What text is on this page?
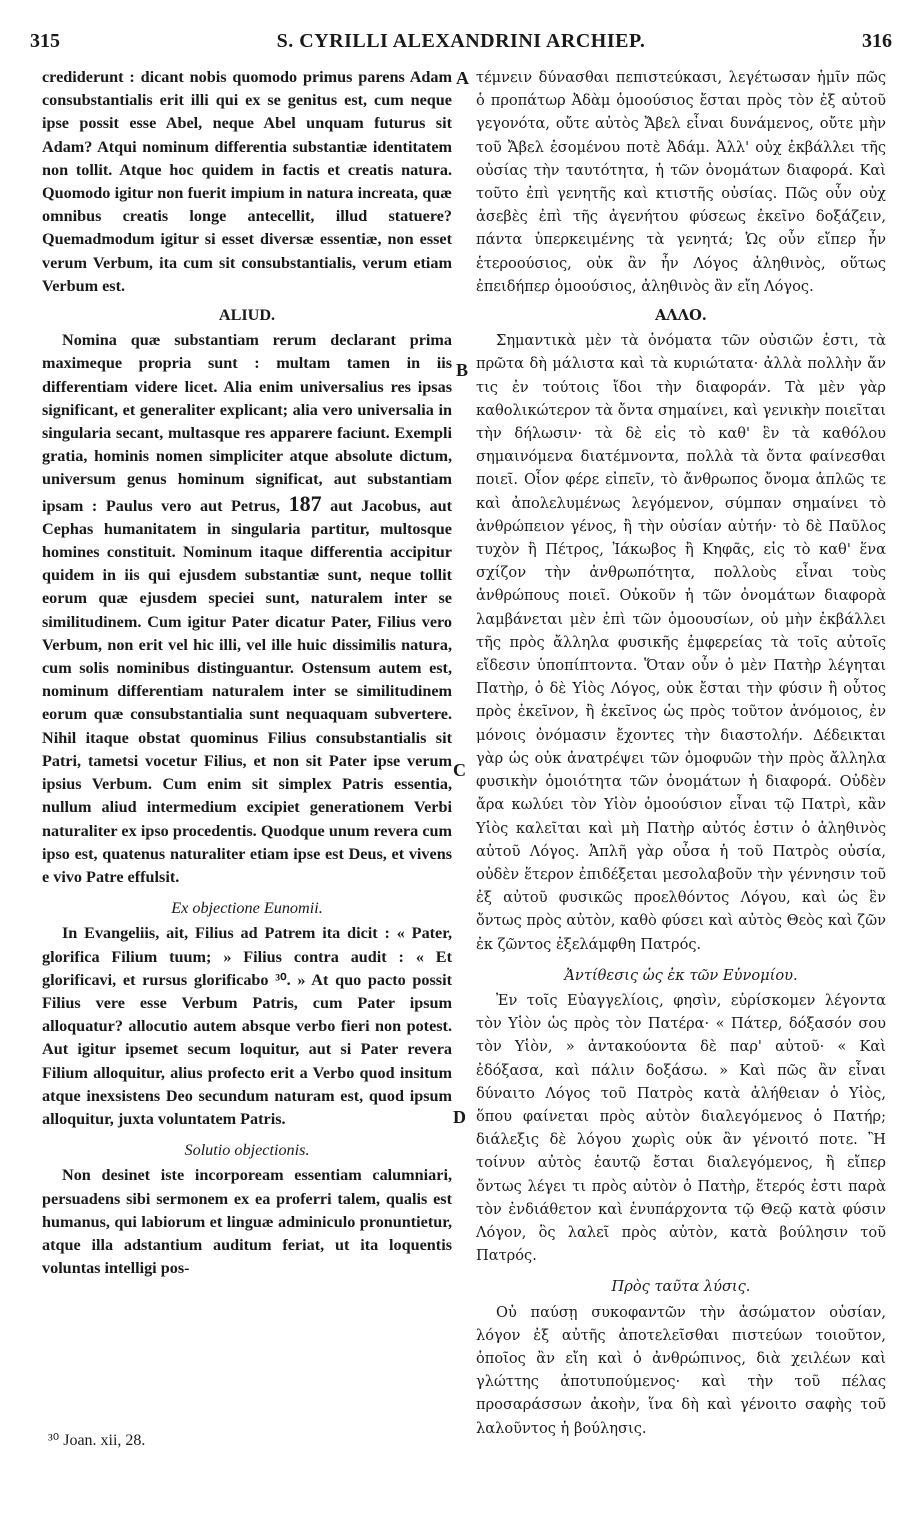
315	S. CYRILLI ALEXANDRINI ARCHIEP.	316
A
B
C
D

crediderunt : dicant nobis quomodo primus parens Adam consubstantialis erit illi qui ex se genitus est, cum neque ipse possit esse Abel, neque Abel unquam futurus sit Adam? Atqui nominum differentia substantiæ identitatem non tollit. Atque hoc quidem in factis et creatis natura. Quomodo igitur non fuerit impium in natura increata, quæ omnibus creatis longe antecellit, illud statuere? Quemadmodum igitur si esset diversæ essentiæ, non esset verum Verbum, ita cum sit consubstantialis, verum etiam Verbum est.

ALIUD.

Nomina quæ substantiam rerum declarant prima maximeque propria sunt : multam tamen in iis differentiam videre licet. Alia enim universalius res ipsas significant, et generaliter explicant; alia vero universalia in singularia secant, multasque res apparere faciunt. Exempli gratia, hominis nomen simpliciter atque absolute dictum, universum genus hominum significat, aut substantiam ipsam : Paulus vero aut Petrus, 187 aut Jacobus, aut Cephas humanitatem in singularia partitur, multosque homines constituit. Nominum itaque differentia accipitur quidem in iis qui ejusdem substantiæ sunt, neque tollit eorum quæ ejusdem speciei sunt, naturalem inter se similitudinem. Cum igitur Pater dicatur Pater, Filius vero Verbum, non erit vel hic illi, vel ille huic dissimilis natura, cum solis nominibus distinguantur. Ostensum autem est, nominum differentiam naturalem inter se similitudinem eorum quæ consubstantialia sunt nequaquam subvertere. Nihil itaque obstat quominus Filius consubstantialis sit Patri, tametsi vocetur Filius, et non sit Pater ipse verum ipsius Verbum. Cum enim sit simplex Patris essentia, nullum aliud intermedium excipiet generationem Verbi naturaliter ex ipso procedentis. Quodque unum revera cum ipso est, quatenus naturaliter etiam ipse est Deus, et vivens e vivo Patre effulsit.

Ex objectione Eunomii.

In Evangeliis, ait, Filius ad Patrem ita dicit : « Pater, glorifica Filium tuum; » Filius contra audit : « Et glorificavi, et rursus glorificabo ³⁰. » At quo pacto possit Filius vere esse Verbum Patris, cum Pater ipsum alloquatur? allocutio autem absque verbo fieri non potest. Aut igitur ipsemet secum loquitur, aut si Pater revera Filium alloquitur, alius profecto erit a Verbo quod insitum atque inexsistens Deo secundum naturam est, quod ipsum alloquitur, juxta voluntatem Patris.

Solutio objectionis.

Non desinet iste incorpoream essentiam calumniari, persuadens sibi sermonem ex ea proferri talem, qualis est humanus, qui labiorum et linguæ adminiculo pronuntietur, atque illa adstantium auditum feriat, ut ita loquentis voluntas intelligi pos-

τέμνειν δύνασθαι πεπιστεύκασι, λεγέτωσαν ἡμῖν πῶς ὁ προπάτωρ Ἀδὰμ ὁμοούσιος ἔσται πρὸς τὸν ἐξ αὐτοῦ γεγονότα, οὔτε αὐτὸς Ἄβελ εἶναι δυνάμενος, οὔτε μὴν τοῦ Ἄβελ ἐσομένου ποτὲ Ἀδάμ. Ἀλλ' οὐχ ἐκβάλλει τῆς οὐσίας τὴν ταυτότητα, ἡ τῶν ὀνομάτων διαφορά. Καὶ τοῦτο ἐπὶ γενητῆς καὶ κτιστῆς οὐσίας. Πῶς οὖν οὐχ ἀσεβὲς ἐπὶ τῆς ἀγενήτου φύσεως ἐκεῖνο δοξάζειν, πάντα ὑπερκειμένης τὰ γενητά; Ὡς οὖν εἴπερ ἦν ἑτεροούσιος, οὐκ ἂν ἦν Λόγος ἀληθινὸς, οὕτως ἐπειδήπερ ὁμοούσιος, ἀληθινὸς ἂν εἴη Λόγος.

ΑΛΛΟ.

Σημαντικὰ μὲν τὰ ὀνόματα τῶν οὐσιῶν ἐστι, τὰ πρῶτα δὴ μάλιστα καὶ τὰ κυριώτατα· ἀλλὰ πολλὴν ἄν τις ἐν τούτοις ἴδοι τὴν διαφοράν. Τὰ μὲν γὰρ καθολικώτερον τὰ ὄντα σημαίνει, καὶ γενικὴν ποιεῖται τὴν δήλωσιν· τὰ δὲ εἰς τὸ καθ' ἓν τὰ καθόλου σημαινόμενα διατέμνοντα, πολλὰ τὰ ὄντα φαίνεσθαι ποιεῖ. Οἷον φέρε εἰπεῖν, τὸ ἄνθρωπος ὄνομα ἁπλῶς τε καὶ ἀπολελυμένως λεγόμενον, σύμπαν σημαίνει τὸ ἀνθρώπειον γένος, ἢ τὴν οὐσίαν αὐτήν· τὸ δὲ Παῦλος τυχὸν ἢ Πέτρος, Ἰάκωβος ἢ Κηφᾶς, εἰς τὸ καθ' ἕνα σχίζον τὴν ἀνθρωπότητα, πολλοὺς εἶναι τοὺς ἀνθρώπους ποιεῖ. Οὐκοῦν ἡ τῶν ὀνομάτων διαφορὰ λαμβάνεται μὲν ἐπὶ τῶν ὁμοουσίων, οὐ μὴν ἐκβάλλει τῆς πρὸς ἄλληλα φυσικῆς ἐμφερείας τὰ τοῖς αὐτοῖς εἴδεσιν ὑποπίπτοντα. Ὅταν οὖν ὁ μὲν Πατὴρ λέγηται Πατὴρ, ὁ δὲ Υἱὸς Λόγος, οὐκ ἔσται τὴν φύσιν ἢ οὗτος πρὸς ἐκεῖνον, ἢ ἐκεῖνος ὡς πρὸς τοῦτον ἀνόμοιος, ἐν μόνοις ὀνόμασιν ἔχοντες τὴν διαστολήν. Δέδεικται γὰρ ὡς οὐκ ἀνατρέψει τῶν ὁμοφυῶν τὴν πρὸς ἄλληλα φυσικὴν ὁμοιότητα τῶν ὀνομάτων ἡ διαφορά. Οὐδὲν ἄρα κωλύει τὸν Υἱὸν ὁμοούσιον εἶναι τῷ Πατρὶ, κἂν Υἱὸς καλεῖται καὶ μὴ Πατὴρ αὐτός ἐστιν ὁ ἀληθινὸς αὐτοῦ Λόγος. Ἁπλῆ γὰρ οὖσα ἡ τοῦ Πατρὸς οὐσία, οὐδὲν ἕτερον ἐπιδέξεται μεσολαβοῦν τὴν γέννησιν τοῦ ἐξ αὐτοῦ φυσικῶς προελθόντος Λόγου, καὶ ὡς ἓν ὄντως πρὸς αὐτὸν, καθὸ φύσει καὶ αὐτὸς Θεὸς καὶ ζῶν ἐκ ζῶντος ἐξελάμφθη Πατρός.

Ἀντίθεσις ὡς ἐκ τῶν Εὐνομίου.

Ἐν τοῖς Εὐαγγελίοις, φησὶν, εὑρίσκομεν λέγοντα τὸν Υἱὸν ὡς πρὸς τὸν Πατέρα· « Πάτερ, δόξασόν σου τὸν Υἱὸν, » ἀντακούοντα δὲ παρ' αὐτοῦ· « Καὶ ἐδόξασα, καὶ πάλιν δοξάσω. » Καὶ πῶς ἂν εἶναι δύναιτο Λόγος τοῦ Πατρὸς κατὰ ἀλήθειαν ὁ Υἱὸς, ὅπου φαίνεται πρὸς αὐτὸν διαλεγόμενος ὁ Πατήρ; διάλεξις δὲ λόγου χωρὶς οὐκ ἂν γένοιτό ποτε. Ἢ τοίνυν αὐτὸς ἑαυτῷ ἔσται διαλεγόμενος, ἢ εἴπερ ὄντως λέγει τι πρὸς αὐτὸν ὁ Πατὴρ, ἕτερός ἐστι παρὰ τὸν ἐνδιάθετον καὶ ἐνυπάρχοντα τῷ Θεῷ κατὰ φύσιν Λόγον, ὃς λαλεῖ πρὸς αὐτὸν, κατὰ βούλησιν τοῦ Πατρός.

Πρὸς ταῦτα λύσις.

Οὐ παύσῃ συκοφαντῶν τὴν ἀσώματον οὐσίαν, λόγον ἐξ αὐτῆς ἀποτελεῖσθαι πιστεύων τοιοῦτον, ὁποῖος ἂν εἴη καὶ ὁ ἀνθρώπινος, διὰ χειλέων καὶ γλώττης ἀποτυπούμενος· καὶ τὴν τοῦ πέλας προσαράσσων ἀκοὴν, ἵνα δὴ καὶ γένοιτο σαφὴς τοῦ λαλοῦντος ἡ βούλησις.

³⁰ Joan. xii, 28.
